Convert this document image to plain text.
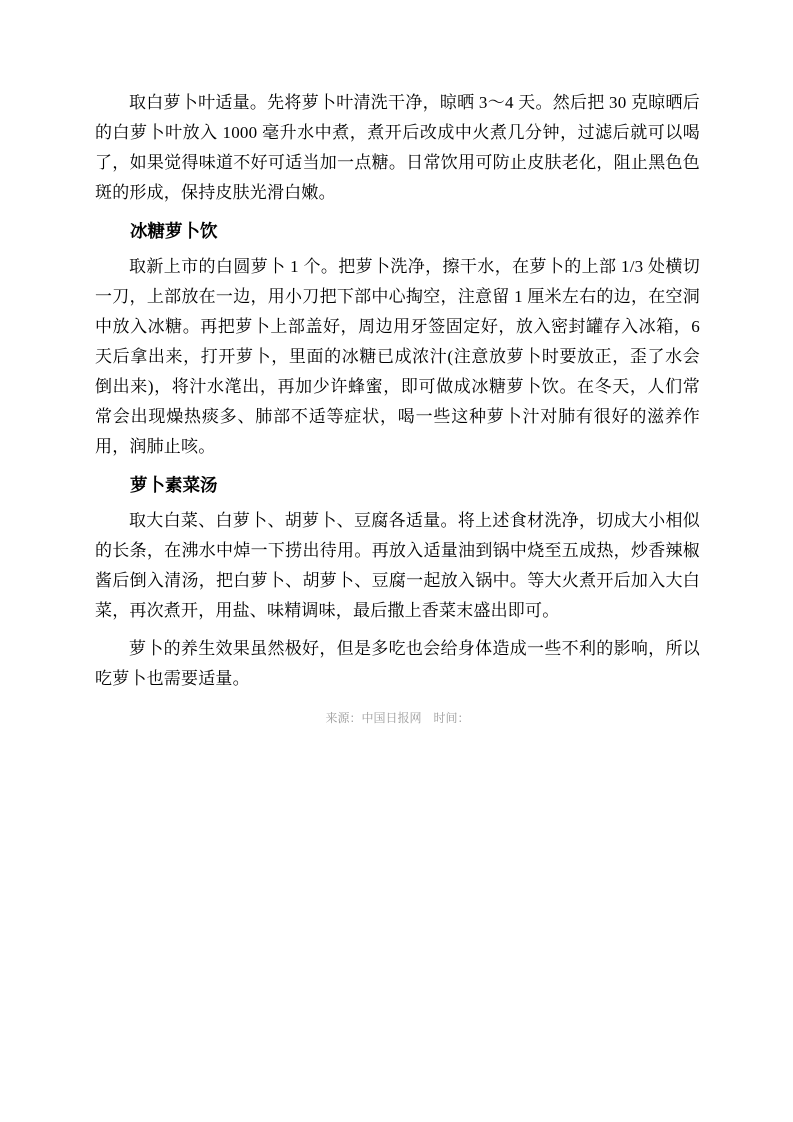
取白萝卜叶适量。先将萝卜叶清洗干净，晾晒 3～4 天。然后把 30 克晾晒后的白萝卜叶放入 1000 毫升水中煮，煮开后改成中火煮几分钟，过滤后就可以喝了，如果觉得味道不好可适当加一点糖。日常饮用可防止皮肤老化，阻止黑色色斑的形成，保持皮肤光滑白嫩。

冰糖萝卜饮

取新上市的白圆萝卜 1 个。把萝卜洗净，擦干水，在萝卜的上部 1/3 处横切一刀，上部放在一边，用小刀把下部中心掏空，注意留 1 厘米左右的边，在空洞中放入冰糖。再把萝卜上部盖好，周边用牙签固定好，放入密封罐存入冰箱，6 天后拿出来，打开萝卜，里面的冰糖已成浓汁(注意放萝卜时要放正，歪了水会倒出来)，将汁水滗出，再加少许蜂蜜，即可做成冰糖萝卜饮。在冬天，人们常常会出现燥热痰多、肺部不适等症状，喝一些这种萝卜汁对肺有很好的滋养作用，润肺止咳。

萝卜素菜汤

取大白菜、白萝卜、胡萝卜、豆腐各适量。将上述食材洗净，切成大小相似的长条，在沸水中焯一下捞出待用。再放入适量油到锅中烧至五成热，炒香辣椒酱后倒入清汤，把白萝卜、胡萝卜、豆腐一起放入锅中。等大火煮开后加入大白菜，再次煮开，用盐、味精调味，最后撒上香菜末盛出即可。

萝卜的养生效果虽然极好，但是多吃也会给身体造成一些不利的影响，所以吃萝卜也需要适量。

来源：中国日报网　时间：
